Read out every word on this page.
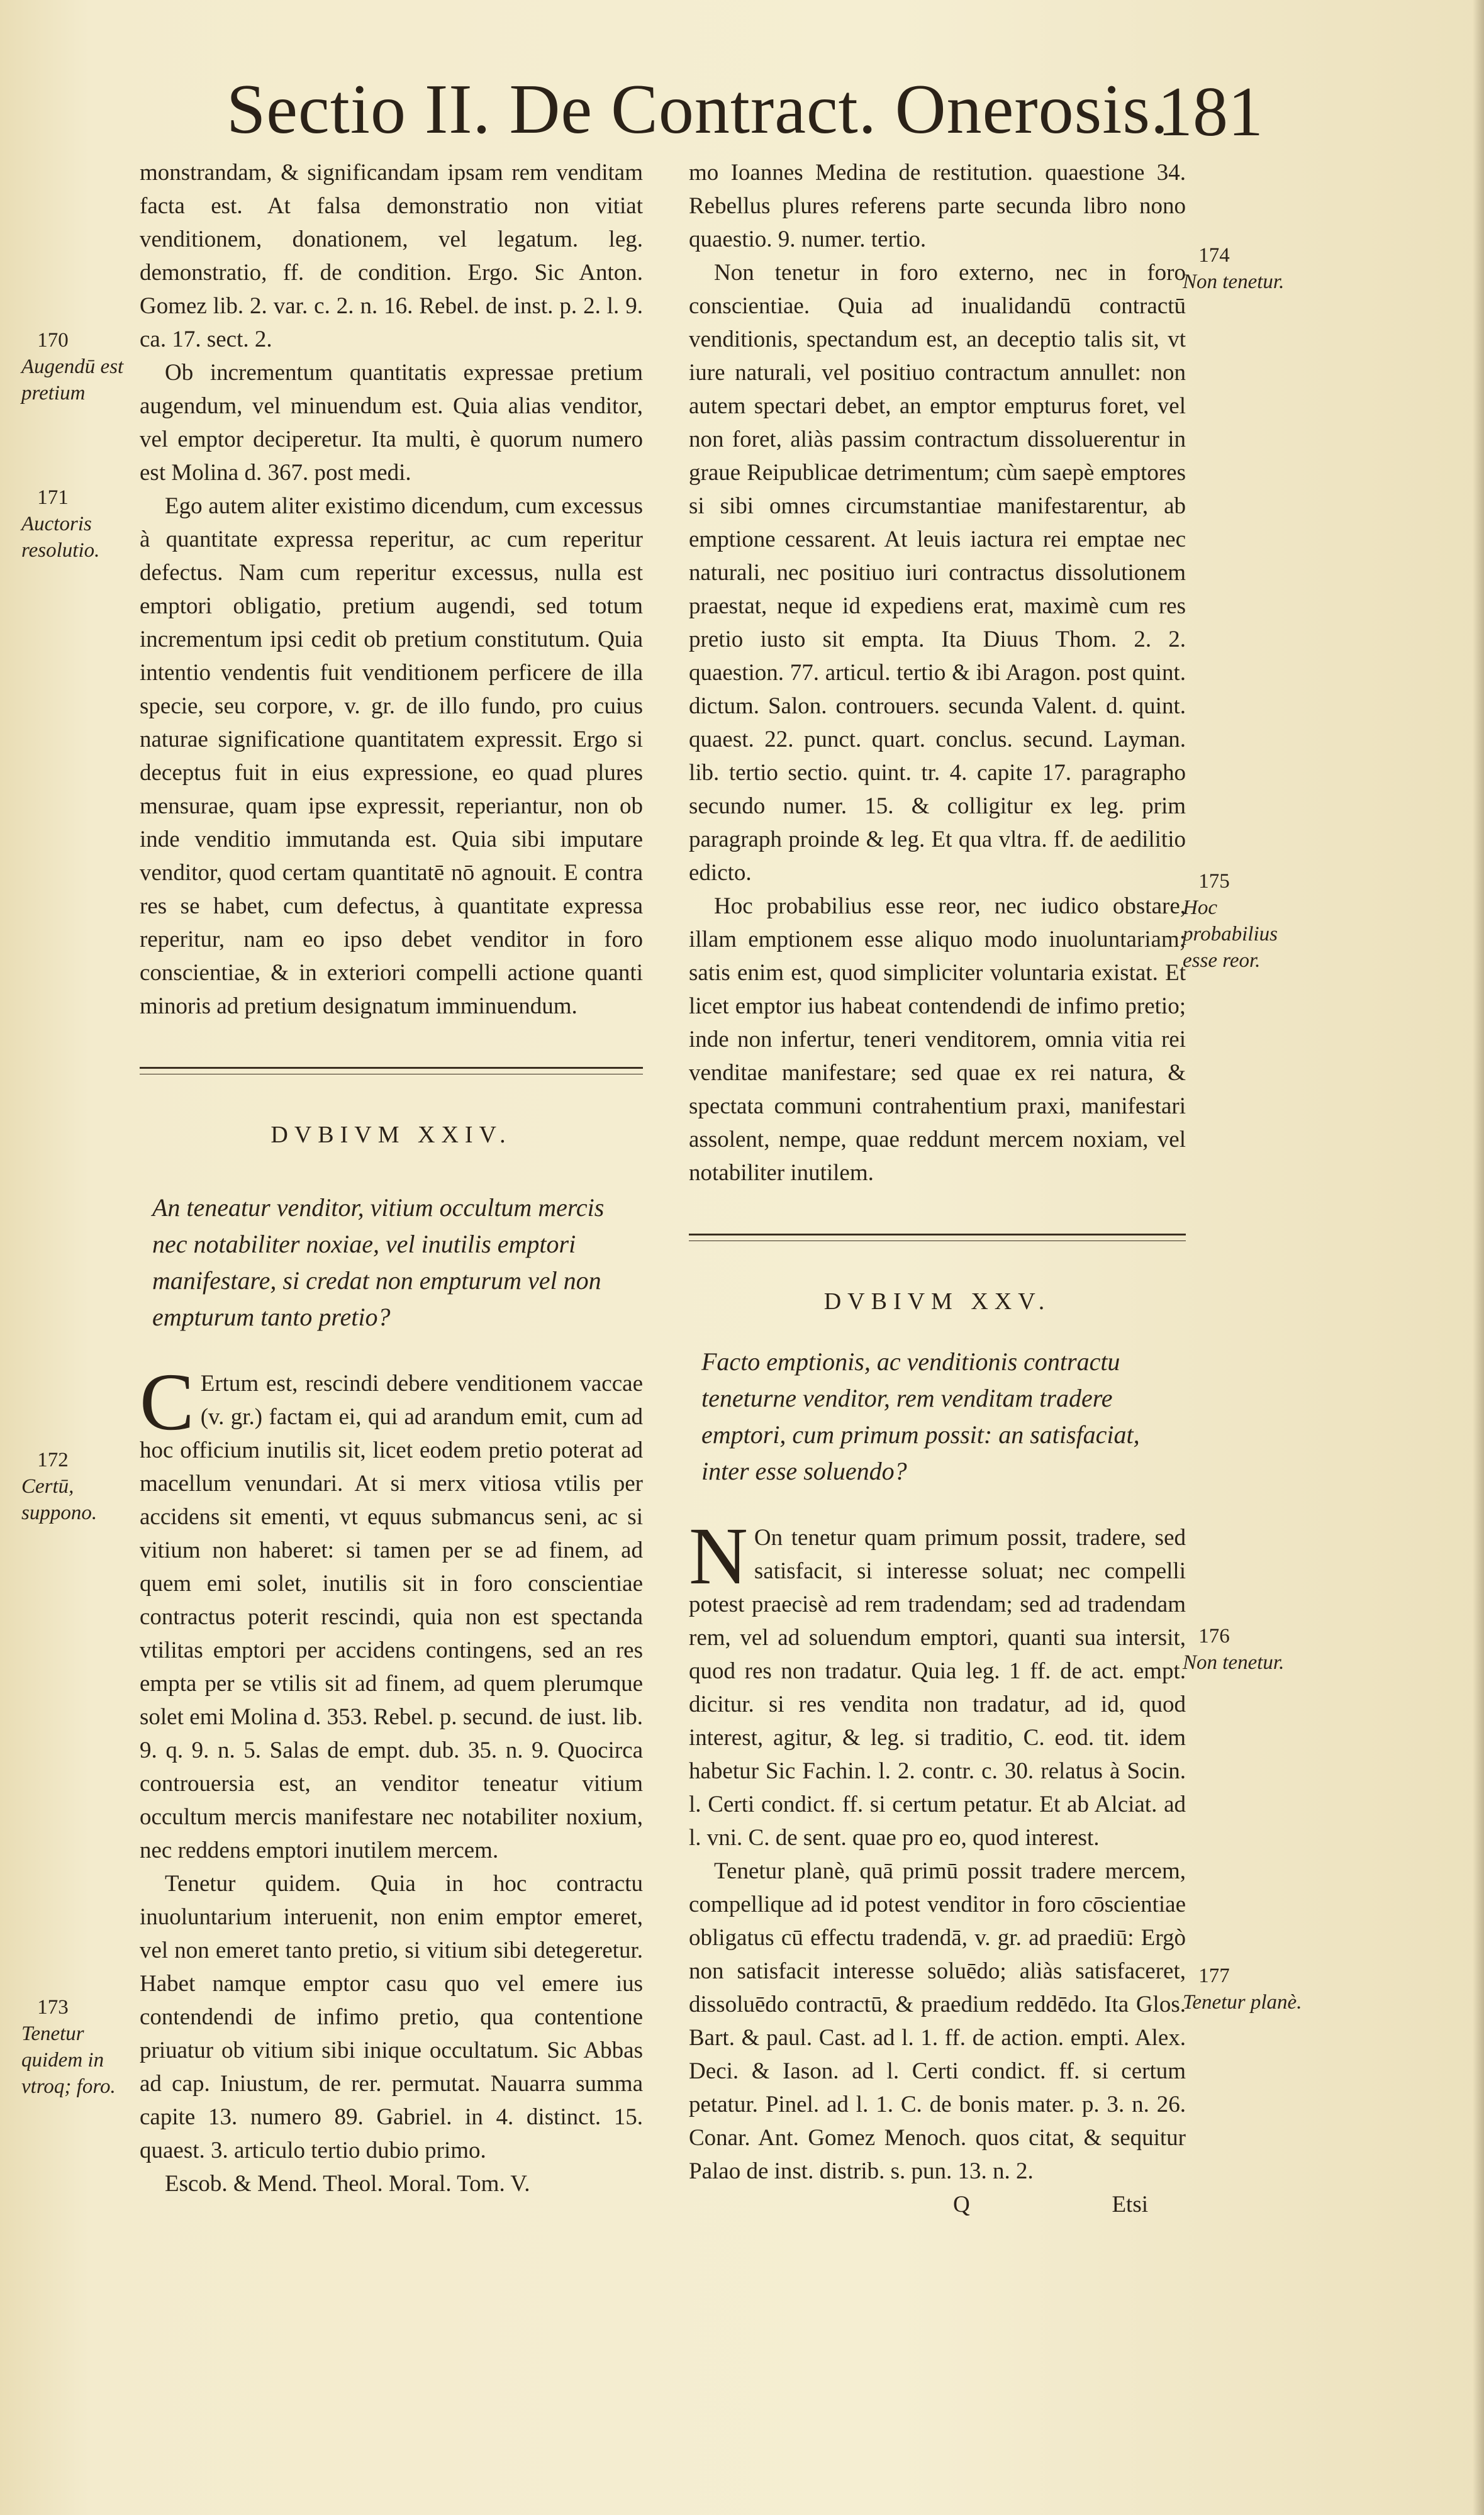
Sectio II. De Contract. Onerosis.
181

monstrandam, & significandam ipsam rem venditam facta est. At falsa demonstratio non vitiat venditionem, donationem, vel legatum. leg. demonstratio, ff. de condition. Ergo. Sic Anton. Gomez lib. 2. var. c. 2. n. 16. Rebel. de inst. p. 2. l. 9. ca. 17. sect. 2.

Ob incrementum quantitatis expressae pretium augendum, vel minuendum est. Quia alias venditor, vel emptor deciperetur. Ita multi, è quorum numero est Molina d. 367. post medi.

Ego autem aliter existimo dicendum, cum excessus à quantitate expressa reperitur, ac cum reperitur defectus. Nam cum reperitur excessus, nulla est emptori obligatio, pretium augendi, sed totum incrementum ipsi cedit ob pretium constitutum. Quia intentio vendentis fuit venditionem perficere de illa specie, seu corpore, v. gr. de illo fundo, pro cuius naturae significatione quantitatem expressit. Ergo si deceptus fuit in eius expressione, eo quad plures mensurae, quam ipse expressit, reperiantur, non ob inde venditio immutanda est. Quia sibi imputare venditor, quod certam quantitatē nō agnouit. E contra res se habet, cum defectus, à quantitate expressa reperitur, nam eo ipso debet venditor in foro conscientiae, & in exteriori compelli actione quanti minoris ad pretium designatum imminuendum.

DVBIVM XXIV.

An teneatur venditor, vitium occultum mercis nec notabiliter noxiae, vel inutilis emptori manifestare, si credat non empturum vel non empturum tanto pretio?

C Ertum est, rescindi debere venditionem vaccae (v. gr.) factam ei, qui ad arandum emit, cum ad hoc officium inutilis sit, licet eodem pretio poterat ad macellum venundari. At si merx vitiosa vtilis per accidens sit ementi, vt equus submancus seni, ac si vitium non haberet: si tamen per se ad finem, ad quem emi solet, inutilis sit in foro conscientiae contractus poterit rescindi, quia non est spectanda vtilitas emptori per accidens contingens, sed an res empta per se vtilis sit ad finem, ad quem plerumque solet emi Molina d. 353. Rebel. p. secund. de iust. lib. 9. q. 9. n. 5. Salas de empt. dub. 35. n. 9. Quocirca controuersia est, an venditor teneatur vitium occultum mercis manifestare nec notabiliter noxium, nec reddens emptori inutilem mercem.

Tenetur quidem. Quia in hoc contractu inuoluntarium interuenit, non enim emptor emeret, vel non emeret tanto pretio, si vitium sibi detegeretur. Habet namque emptor casu quo vel emere ius contendendi de infimo pretio, qua contentione priuatur ob vitium sibi inique occultatum. Sic Abbas ad cap. Iniustum, de rer. permutat. Nauarra summa capite 13. numero 89. Gabriel. in 4. distinct. 15. quaest. 3. articulo tertio dubio primo.

Escob. & Mend. Theol. Moral. Tom. V.

mo Ioannes Medina de restitution. quaestione 34. Rebellus plures referens parte secunda libro nono quaestio. 9. numer. tertio.

Non tenetur in foro externo, nec in foro conscientiae. Quia ad inualidandū contractū venditionis, spectandum est, an deceptio talis sit, vt iure naturali, vel positiuo contractum annullet: non autem spectari debet, an emptor empturus foret, vel non foret, aliàs passim contractum dissoluerentur in graue Reipublicae detrimentum; cùm saepè emptores si sibi omnes circumstantiae manifestarentur, ab emptione cessarent. At leuis iactura rei emptae nec naturali, nec positiuo iuri contractus dissolutionem praestat, neque id expediens erat, maximè cum res pretio iusto sit empta. Ita Diuus Thom. 2. 2. quaestion. 77. articul. tertio & ibi Aragon. post quint. dictum. Salon. controuers. secunda Valent. d. quint. quaest. 22. punct. quart. conclus. secund. Layman. lib. tertio sectio. quint. tr. 4. capite 17. paragrapho secundo numer. 15. & colligitur ex leg. prim paragraph proinde & leg. Et qua vltra. ff. de aedilitio edicto.

Hoc probabilius esse reor, nec iudico obstare, illam emptionem esse aliquo modo inuoluntariam; satis enim est, quod simpliciter voluntaria existat. Et licet emptor ius habeat contendendi de infimo pretio; inde non infertur, teneri venditorem, omnia vitia rei venditae manifestare; sed quae ex rei natura, & spectata communi contrahentium praxi, manifestari assolent, nempe, quae reddunt mercem noxiam, vel notabiliter inutilem.

DVBIVM XXV.

Facto emptionis, ac venditionis contractu teneturne venditor, rem venditam tradere emptori, cum primum possit: an satisfaciat, inter esse soluendo?

N On tenetur quam primum possit, tradere, sed satisfacit, si interesse soluat; nec compelli potest praecisè ad rem tradendam; sed ad tradendam rem, vel ad soluendum emptori, quanti sua intersit, quod res non tradatur. Quia leg. 1 ff. de act. empt. dicitur. si res vendita non tradatur, ad id, quod interest, agitur, & leg. si traditio, C. eod. tit. idem habetur Sic Fachin. l. 2. contr. c. 30. relatus à Socin. l. Certi condict. ff. si certum petatur. Et ab Alciat. ad l. vni. C. de sent. quae pro eo, quod interest.

Tenetur planè, quā primū possit tradere mercem, compellique ad id potest venditor in foro cōscientiae obligatus cū effectu tradendā, v. gr. ad praediū: Ergò non satisfacit interesse soluēdo; aliàs satisfaceret, dissoluēdo contractū, & praedium reddēdo. Ita Glos. Bart. & paul. Cast. ad l. 1. ff. de action. empti. Alex. Deci. & Iason. ad l. Certi condict. ff. si certum petatur. Pinel. ad l. 1. C. de bonis mater. p. 3. n. 26. Conar. Ant. Gomez Menoch. quos citat, & sequitur Palao de inst. distrib. s. pun. 13. n. 2.

Q	Etsi
170
Augendū est pretium
171
Auctoris resolutio.
172
Certū, suppono.
173
Tenetur quidem in vtroq; foro.
174
Non tenetur.
175
Hoc probabilius esse reor.
176
Non tenetur.
177
Tenetur planè.
